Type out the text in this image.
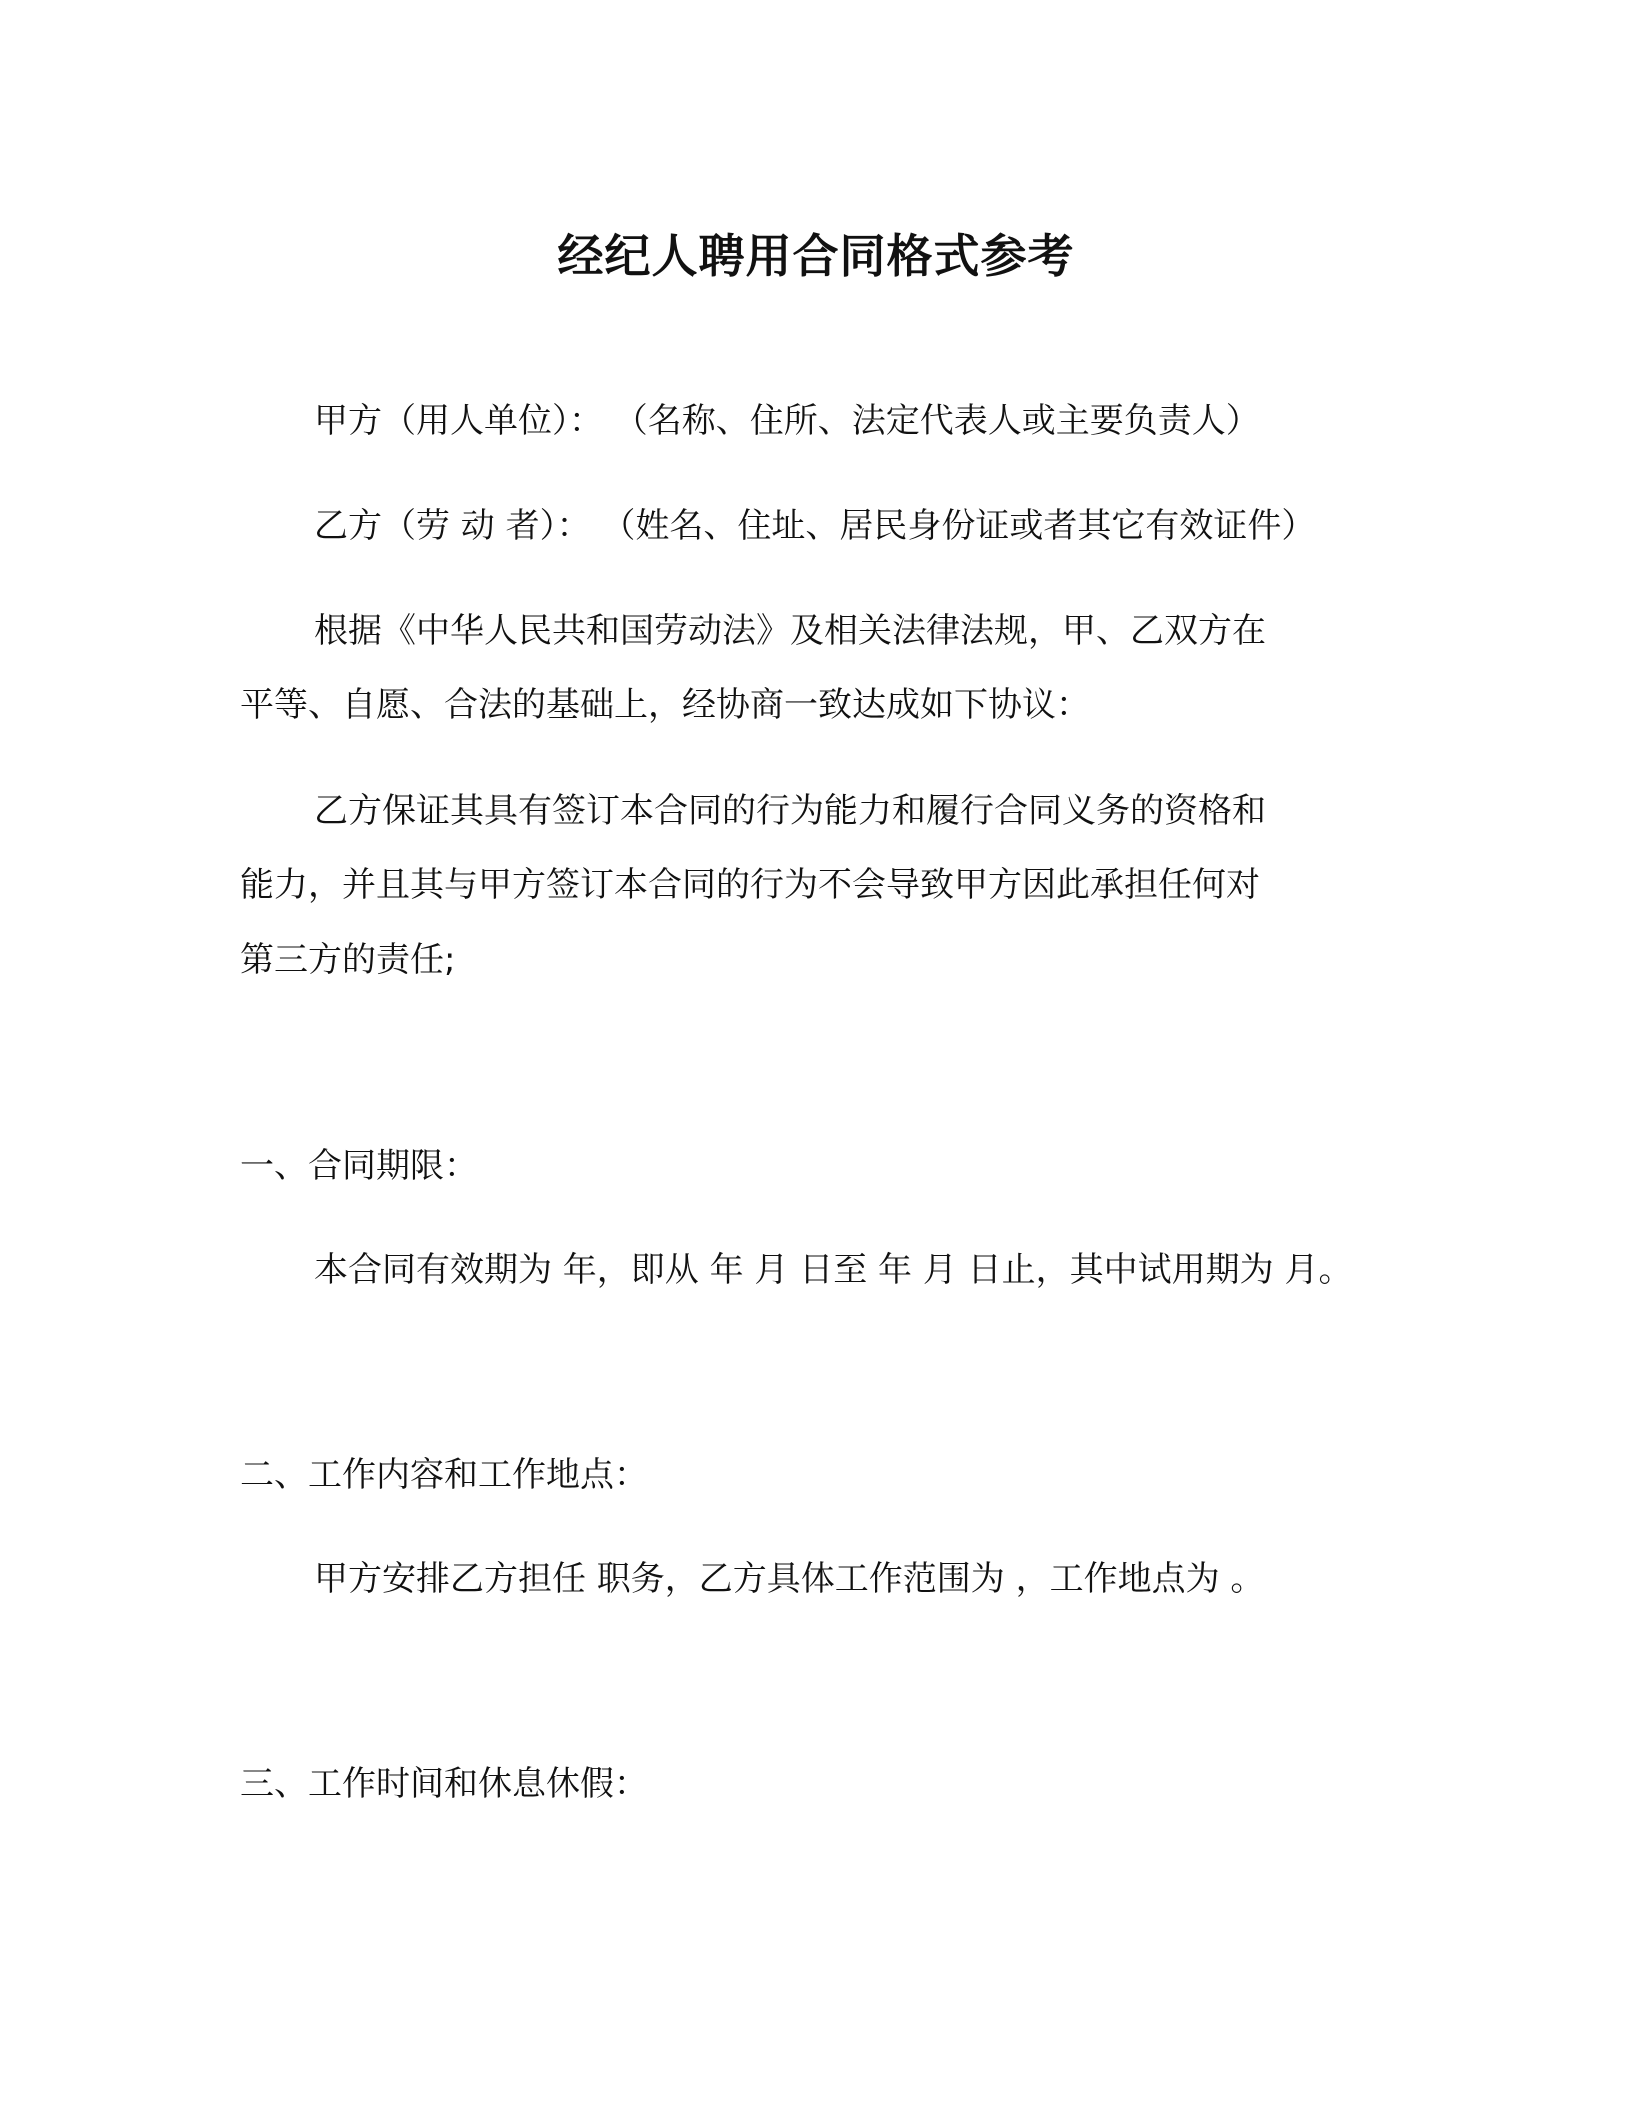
经纪人聘用合同格式参考
甲方（用人单位）： （名称、住所、法定代表人或主要负责人）
乙方（劳 动 者）： （姓名、住址、居民身份证或者其它有效证件）
根据《中华人民共和国劳动法》及相关法律法规，甲、乙双方在
平等、自愿、合法的基础上，经协商一致达成如下协议：
乙方保证其具有签订本合同的行为能力和履行合同义务的资格和
能力，并且其与甲方签订本合同的行为不会导致甲方因此承担任何对
第三方的责任;
一、合同期限：
本合同有效期为 年，即从 年 月 日至 年 月 日止，其中试用期为 月。
二、工作内容和工作地点：
甲方安排乙方担任 职务，乙方具体工作范围为 ，工作地点为 。
三、工作时间和休息休假：
